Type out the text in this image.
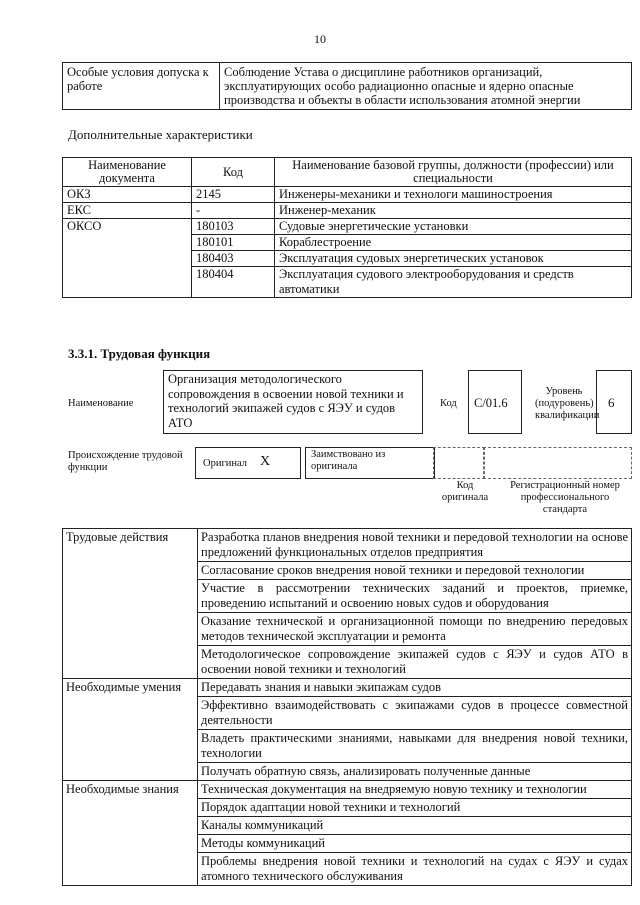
10
Особые условия допуска к работе	Соблюдение Устава о дисциплине работников организаций, эксплуатирующих особо радиационно опасные и ядерно опасные производства и объекты в области использования атомной энергии
Дополнительные характеристики
Наименование документа	Код	Наименование базовой группы, должности (профессии) или специальности
ОКЗ	2145	Инженеры-механики и технологи машиностроения
ЕКС	-	Инженер-механик
ОКСО	180103	Судовые энергетические установки
	180101	Кораблестроение
	180403	Эксплуатация судовых энергетических установок
	180404	Эксплуатация судового электрооборудования и средств автоматики
3.3.1. Трудовая функция
Наименование
Организация методологического сопровождения в освоении новой техники и технологий экипажей судов с ЯЭУ и судов АТО
Код C/01.6
Уровень (подуровень) квалификации
6
Происхождение трудовой функции	Оригинал X	Заимствовано из оригинала
Код оригинала
Регистрационный номер профессионального стандарта
Трудовые действия	Разработка планов внедрения новой техники и передовой технологии на основе предложений функциональных отделов предприятия
	Согласование сроков внедрения новой техники и передовой технологии
	Участие в рассмотрении технических заданий и проектов, приемке, проведению испытаний и освоению новых судов и оборудования
	Оказание технической и организационной помощи по внедрению передовых методов технической эксплуатации и ремонта
	Методологическое сопровождение экипажей судов с ЯЭУ и судов АТО в освоении новой техники и технологий
Необходимые умения	Передавать знания и навыки экипажам судов
	Эффективно взаимодействовать с экипажами судов в процессе совместной деятельности
	Владеть практическими знаниями, навыками для внедрения новой техники, технологии
	Получать обратную связь, анализировать полученные данные
Необходимые знания	Техническая документация на внедряемую новую технику и технологии
	Порядок адаптации новой техники и технологий
	Каналы коммуникаций
	Методы коммуникаций
	Проблемы внедрения новой техники и технологий на судах с ЯЭУ и судах атомного технического обслуживания
